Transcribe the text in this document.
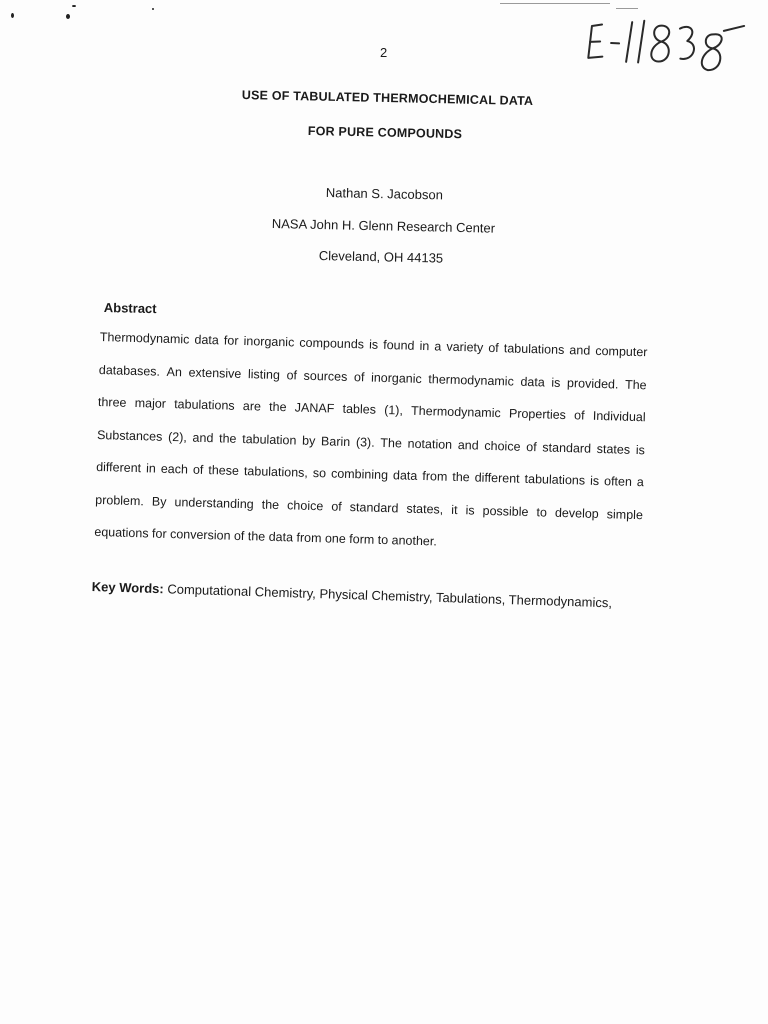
2
USE OF TABULATED THERMOCHEMICAL DATA
FOR PURE COMPOUNDS
Nathan S. Jacobson
NASA John H. Glenn Research Center
Cleveland, OH 44135
Abstract
Thermodynamic data for inorganic compounds is found in a variety of tabulations and computer
databases. An extensive listing of sources of inorganic thermodynamic data is provided. The
three major tabulations are the JANAF tables (1), Thermodynamic Properties of Individual
Substances (2), and the tabulation by Barin (3). The notation and choice of standard states is
different in each of these tabulations, so combining data from the different tabulations is often a
problem. By understanding the choice of standard states, it is possible to develop simple
equations for conversion of the data from one form to another.
Key Words: Computational Chemistry, Physical Chemistry, Tabulations, Thermodynamics,
